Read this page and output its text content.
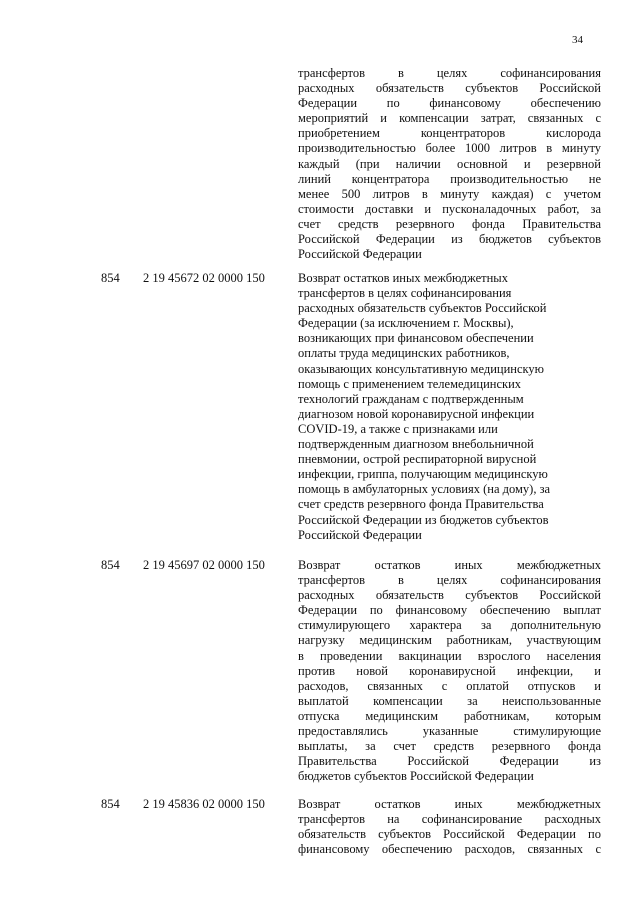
34
трансфертов в целях софинансирования
расходных обязательств субъектов Российской
Федерации по финансовому обеспечению
мероприятий и компенсации затрат, связанных с
приобретением концентраторов кислорода
производительностью более 1000 литров в минуту
каждый (при наличии основной и резервной
линий концентратора производительностью не
менее 500 литров в минуту каждая) с учетом
стоимости доставки и пусконаладочных работ, за
счет средств резервного фонда Правительства
Российской Федерации из бюджетов субъектов
Российской Федерации
854 2 19 45672 02 0000 150	Возврат остатков иных межбюджетных
трансфертов в целях софинансирования
расходных обязательств субъектов Российской
Федерации (за исключением г. Москвы),
возникающих при финансовом обеспечении
оплаты труда медицинских работников,
оказывающих консультативную медицинскую
помощь с применением телемедицинских
технологий гражданам с подтвержденным
диагнозом новой коронавирусной инфекции
COVID-19, а также с признаками или
подтвержденным диагнозом внебольничной
пневмонии, острой респираторной вирусной
инфекции, гриппа, получающим медицинскую
помощь в амбулаторных условиях (на дому), за
счет средств резервного фонда Правительства
Российской Федерации из бюджетов субъектов
Российской Федерации
854 2 19 45697 02 0000 150	Возврат остатков иных межбюджетных
трансфертов в целях софинансирования
расходных обязательств субъектов Российской
Федерации по финансовому обеспечению выплат
стимулирующего характера за дополнительную
нагрузку медицинским работникам, участвующим
в проведении вакцинации взрослого населения
против новой коронавирусной инфекции, и
расходов, связанных с оплатой отпусков и
выплатой компенсации за неиспользованные
отпуска медицинским работникам, которым
предоставлялись указанные стимулирующие
выплаты, за счет средств резервного фонда
Правительства Российской Федерации из
бюджетов субъектов Российской Федерации
854 2 19 45836 02 0000 150	Возврат остатков иных межбюджетных
трансфертов на софинансирование расходных
обязательств субъектов Российской Федерации по
финансовому обеспечению расходов, связанных с
